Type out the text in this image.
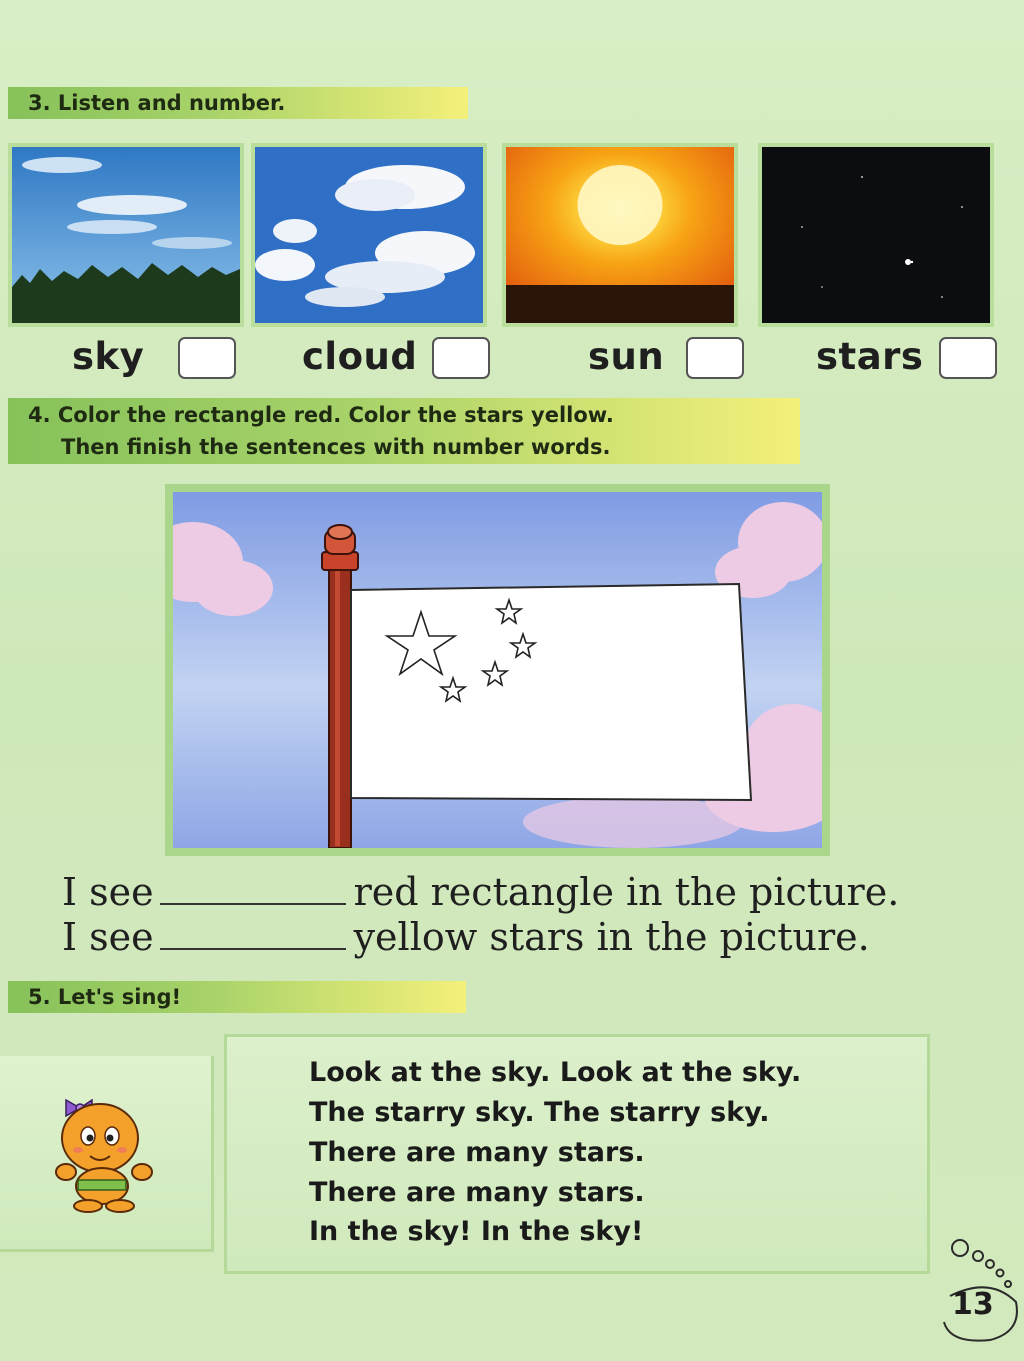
3. Listen and number.
sky	cloud	sun	stars
4. Color the rectangle red. Color the stars yellow.
Then finish the sentences with number words.
I see	red rectangle in the picture.
I see	yellow stars in the picture.
5. Let's sing!
Look at the sky. Look at the sky.
The starry sky. The starry sky.
There are many stars.
There are many stars.
In the sky! In the sky!
13
